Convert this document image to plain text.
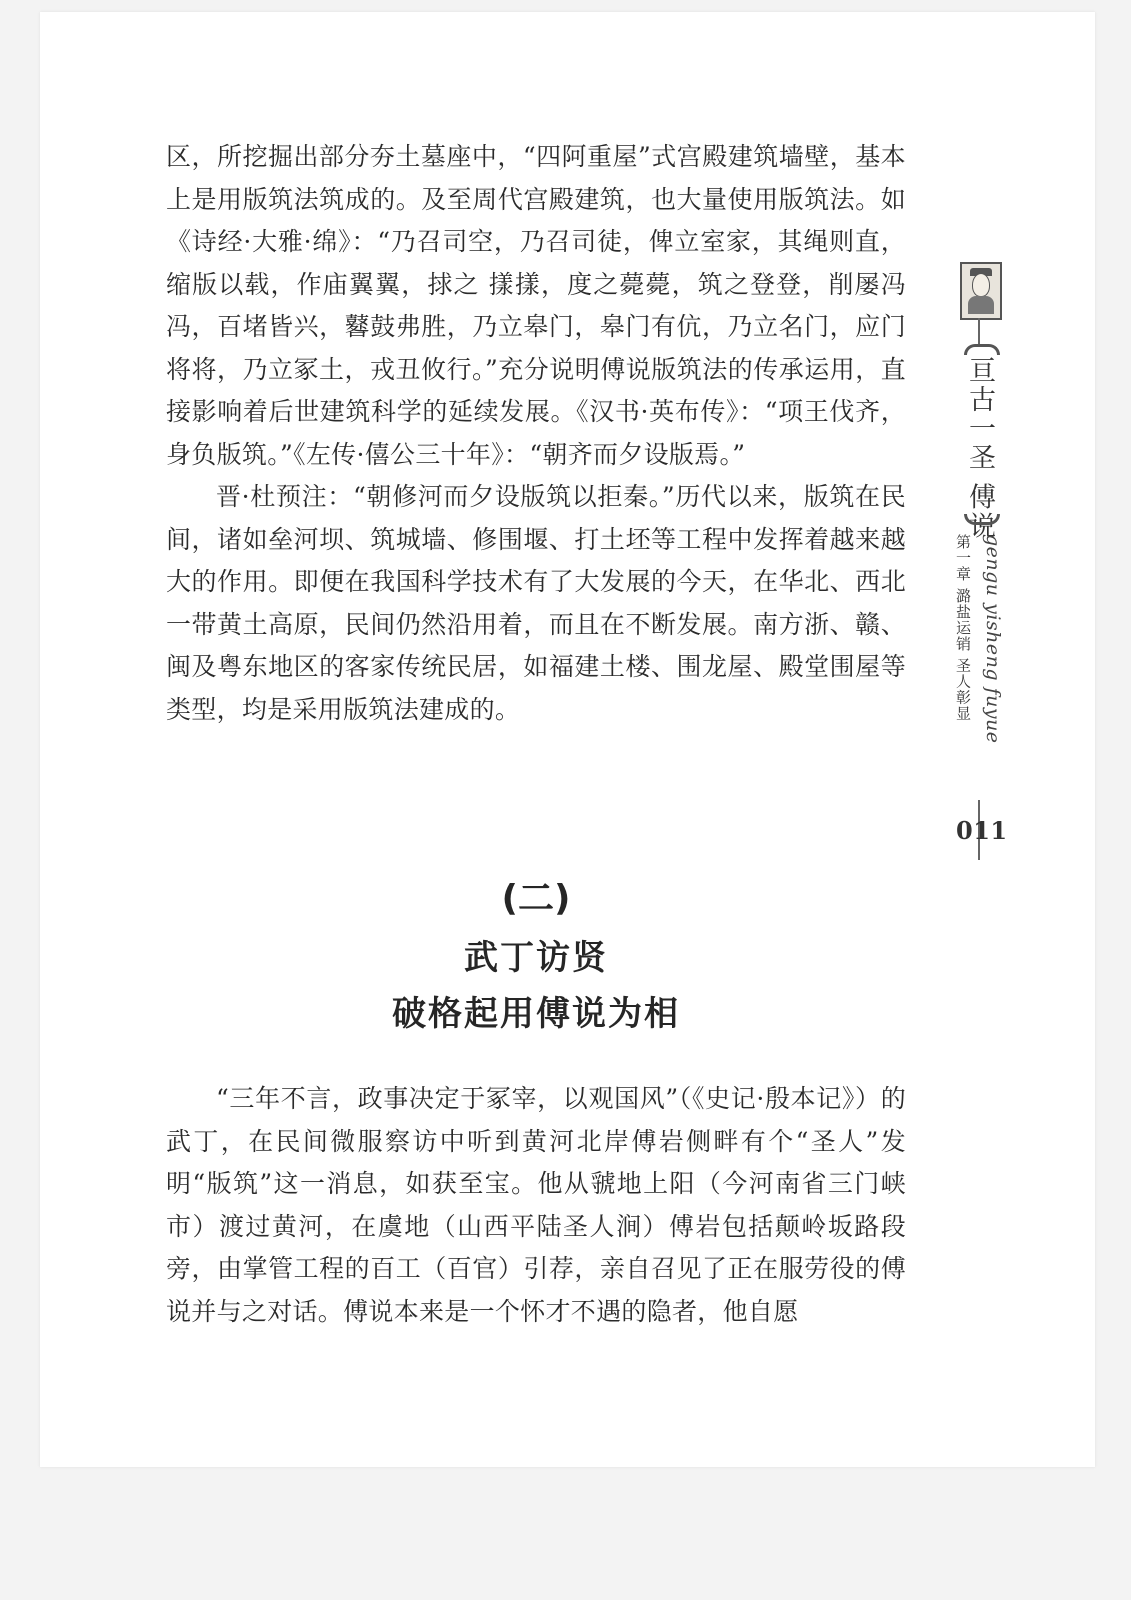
区，所挖掘出部分夯土墓座中，“四阿重屋”式宫殿建筑墙壁，基本上是用版筑法筑成的。及至周代宫殿建筑，也大量使用版筑法。如《诗经·大雅·绵》：“乃召司空，乃召司徒，俾立室家，其绳则直，缩版以载，作庙翼翼，捄之 㨾㨾，度之薨薨，筑之登登，削屡冯冯，百堵皆兴，鼛鼓弗胜，乃立皋门，皋门有伉，乃立名门，应门将将，乃立冢土，戎丑攸行。”充分说明傅说版筑法的传承运用，直接影响着后世建筑科学的延续发展。《汉书·英布传》：“项王伐齐，身负版筑。”《左传·僖公三十年》：“朝齐而夕设版焉。”

晋·杜预注：“朝修河而夕设版筑以拒秦。”历代以来，版筑在民间，诸如垒河坝、筑城墙、修围堰、打土坯等工程中发挥着越来越大的作用。即便在我国科学技术有了大发展的今天，在华北、西北一带黄土高原，民间仍然沿用着，而且在不断发展。南方浙、赣、闽及粤东地区的客家传统民居，如福建土楼、围龙屋、殿堂围屋等类型，均是采用版筑法建成的。

(二)
武丁访贤
破格起用傅说为相

“三年不言，政事决定于冢宰，以观国风”（《史记·殷本记》）的武丁，在民间微服察访中听到黄河北岸傅岩侧畔有个“圣人”发明“版筑”这一消息，如获至宝。他从虢地上阳（今河南省三门峡市）渡过黄河，在虞地（山西平陆圣人涧）傅岩包括颠岭坂路段旁，由掌管工程的百工（百官）引荐，亲自召见了正在服劳役的傅说并与之对话。傅说本来是一个怀才不遇的隐者，他自愿

亘古一圣 傅说
第一章 潞盐运销 圣人彰显 gengu yisheng fuyue
011
